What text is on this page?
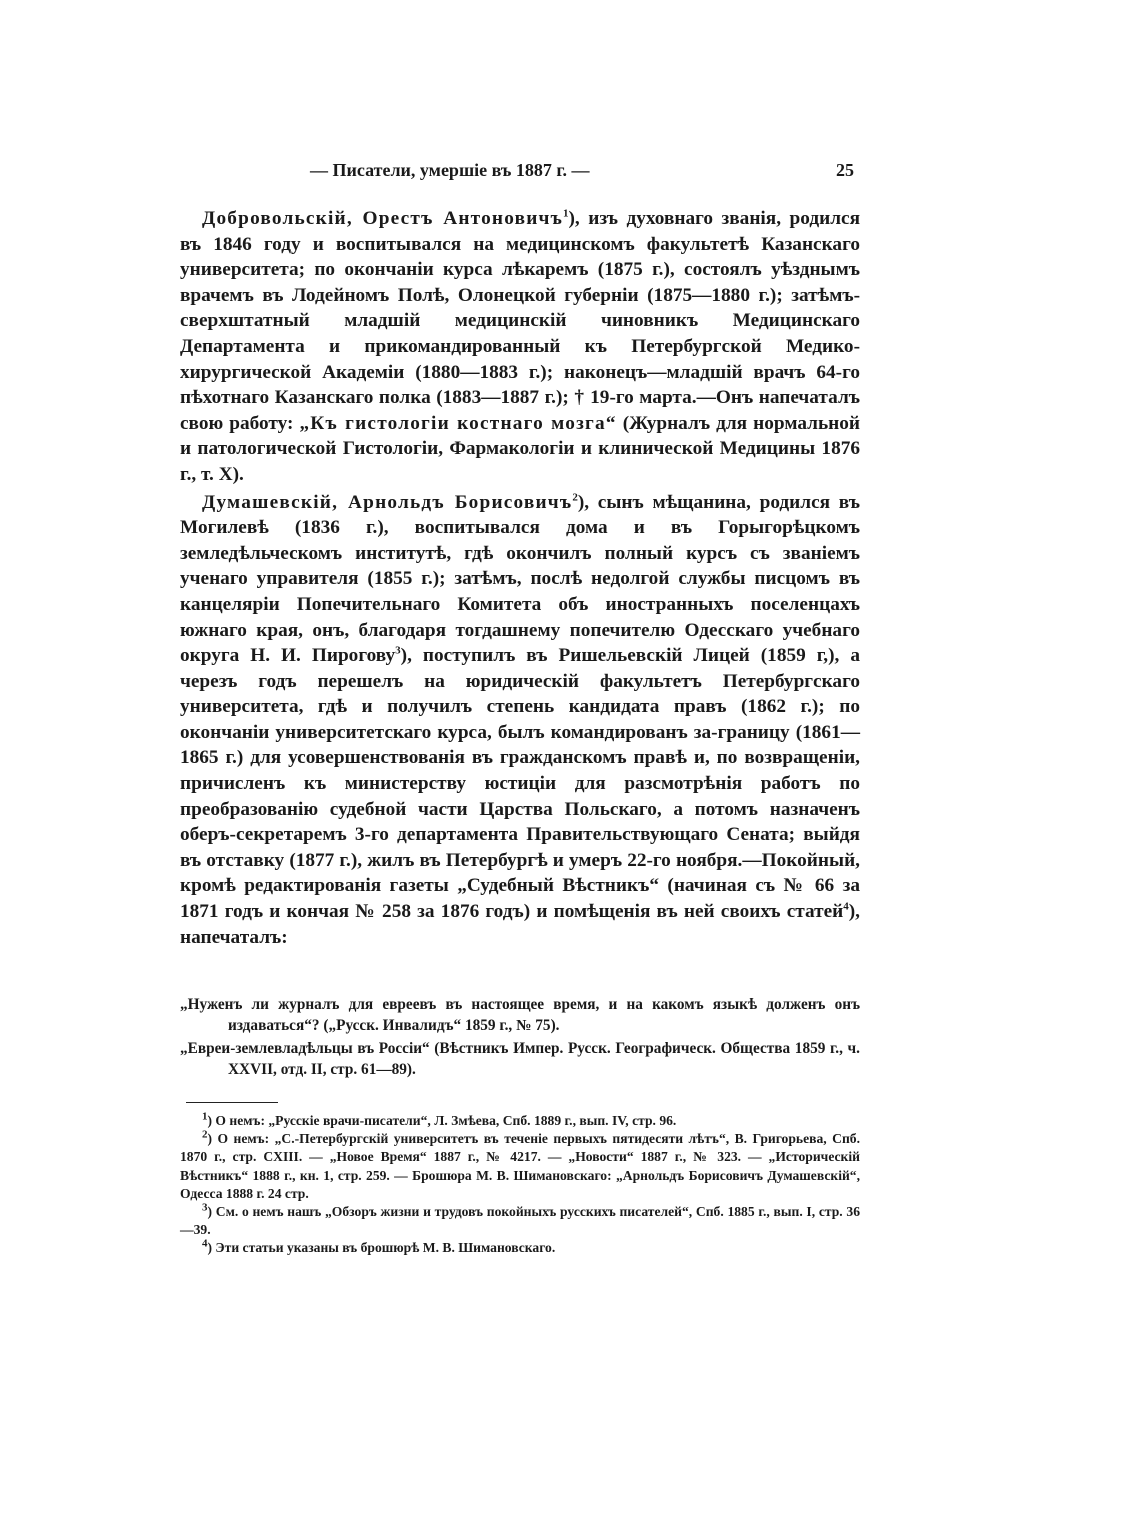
— Писатели, умершіе въ 1887 г. —	25

Добровольскій, Орестъ Антоновичъ$^1$), изъ духовнаго званія, родился въ 1846 году и воспитывался на медицинскомъ факультетѣ Казанскаго университета; по окончаніи курса лѣкаремъ (1875 г.), состоялъ уѣзднымъ врачемъ въ Лодейномъ Полѣ, Олонецкой губерніи (1875—1880 г.); затѣмъ-сверхштатный младшій медицинскій чиновникъ Медицинскаго Департамента и прикомандированный къ Петербургской Медико-хирургической Академіи (1880—1883 г.); наконецъ—младшій врачъ 64-го пѣхотнаго Казанскаго полка (1883—1887 г.); † 19-го марта.—Онъ напечаталъ свою работу: „Къ гистологіи костнаго мозга“ (Журналъ для нормальной и патологической Гистологіи, Фармакологіи и клинической Медицины 1876 г., т. X).

Думашевскій, Арнольдъ Борисовичъ$^2$), сынъ мѣщанина, родился въ Могилевѣ (1836 г.), воспитывался дома и въ Горыгорѣцкомъ земледѣльческомъ институтѣ, гдѣ окончилъ полный курсъ съ званіемъ ученаго управителя (1855 г.); затѣмъ, послѣ недолгой службы писцомъ въ канцеляріи Попечительнаго Комитета объ иностранныхъ поселенцахъ южнаго края, онъ, благодаря тогдашнему попечителю Одесскаго учебнаго округа Н. И. Пирогову$^3$), поступилъ въ Ришельевскій Лицей (1859 г,), а черезъ годъ перешелъ на юридическій факультетъ Петербургскаго университета, гдѣ и получилъ степень кандидата правъ (1862 г.); по окончаніи университетскаго курса, былъ командированъ за-границу (1861—1865 г.) для усовершенствованія въ гражданскомъ правѣ и, по возвращеніи, причисленъ къ министерству юстиціи для разсмотрѣнія работъ по преобразованію судебной части Царства Польскаго, а потомъ назначенъ оберъ-секретаремъ 3-го департамента Правительствующаго Сената; выйдя въ отставку (1877 г.), жилъ въ Петербургѣ и умеръ 22-го ноября.—Покойный, кромѣ редактированія газеты „Судебный Вѣстникъ“ (начиная съ № 66 за 1871 годъ и кончая № 258 за 1876 годъ) и помѣщенія въ ней своихъ статей$^4$), напечаталъ:

„Нуженъ ли журналъ для евреевъ въ настоящее время, и на какомъ языкѣ долженъ онъ издаваться“? („Русск. Инвалидъ“ 1859 г., № 75).

„Евреи-землевладѣльцы въ Россіи“ (Вѣстникъ Импер. Русск. Географическ. Общества 1859 г., ч. XXVII, отд. II, стр. 61—89).

$^1$) О немъ: „Русскіе врачи-писатели“, Л. Змѣева, Спб. 1889 г., вып. IV, стр. 96.

$^2$) О немъ: „С.-Петербургскій университетъ въ теченіе первыхъ пятидесяти лѣтъ“, В. Григорьева, Спб. 1870 г., стр. CXIII. — „Новое Время“ 1887 г., № 4217. — „Новости“ 1887 г., № 323. — „Историческій Вѣстникъ“ 1888 г., кн. 1, стр. 259. — Брошюра М. В. Шимановскаго: „Арнольдъ Борисовичъ Думашевскій“, Одесса 1888 г. 24 стр.

$^3$) См. о немъ нашъ „Обзоръ жизни и трудовъ покойныхъ русскихъ писателей“, Спб. 1885 г., вып. I, стр. 36—39.

$^4$) Эти статьи указаны въ брошюрѣ М. В. Шимановскаго.
